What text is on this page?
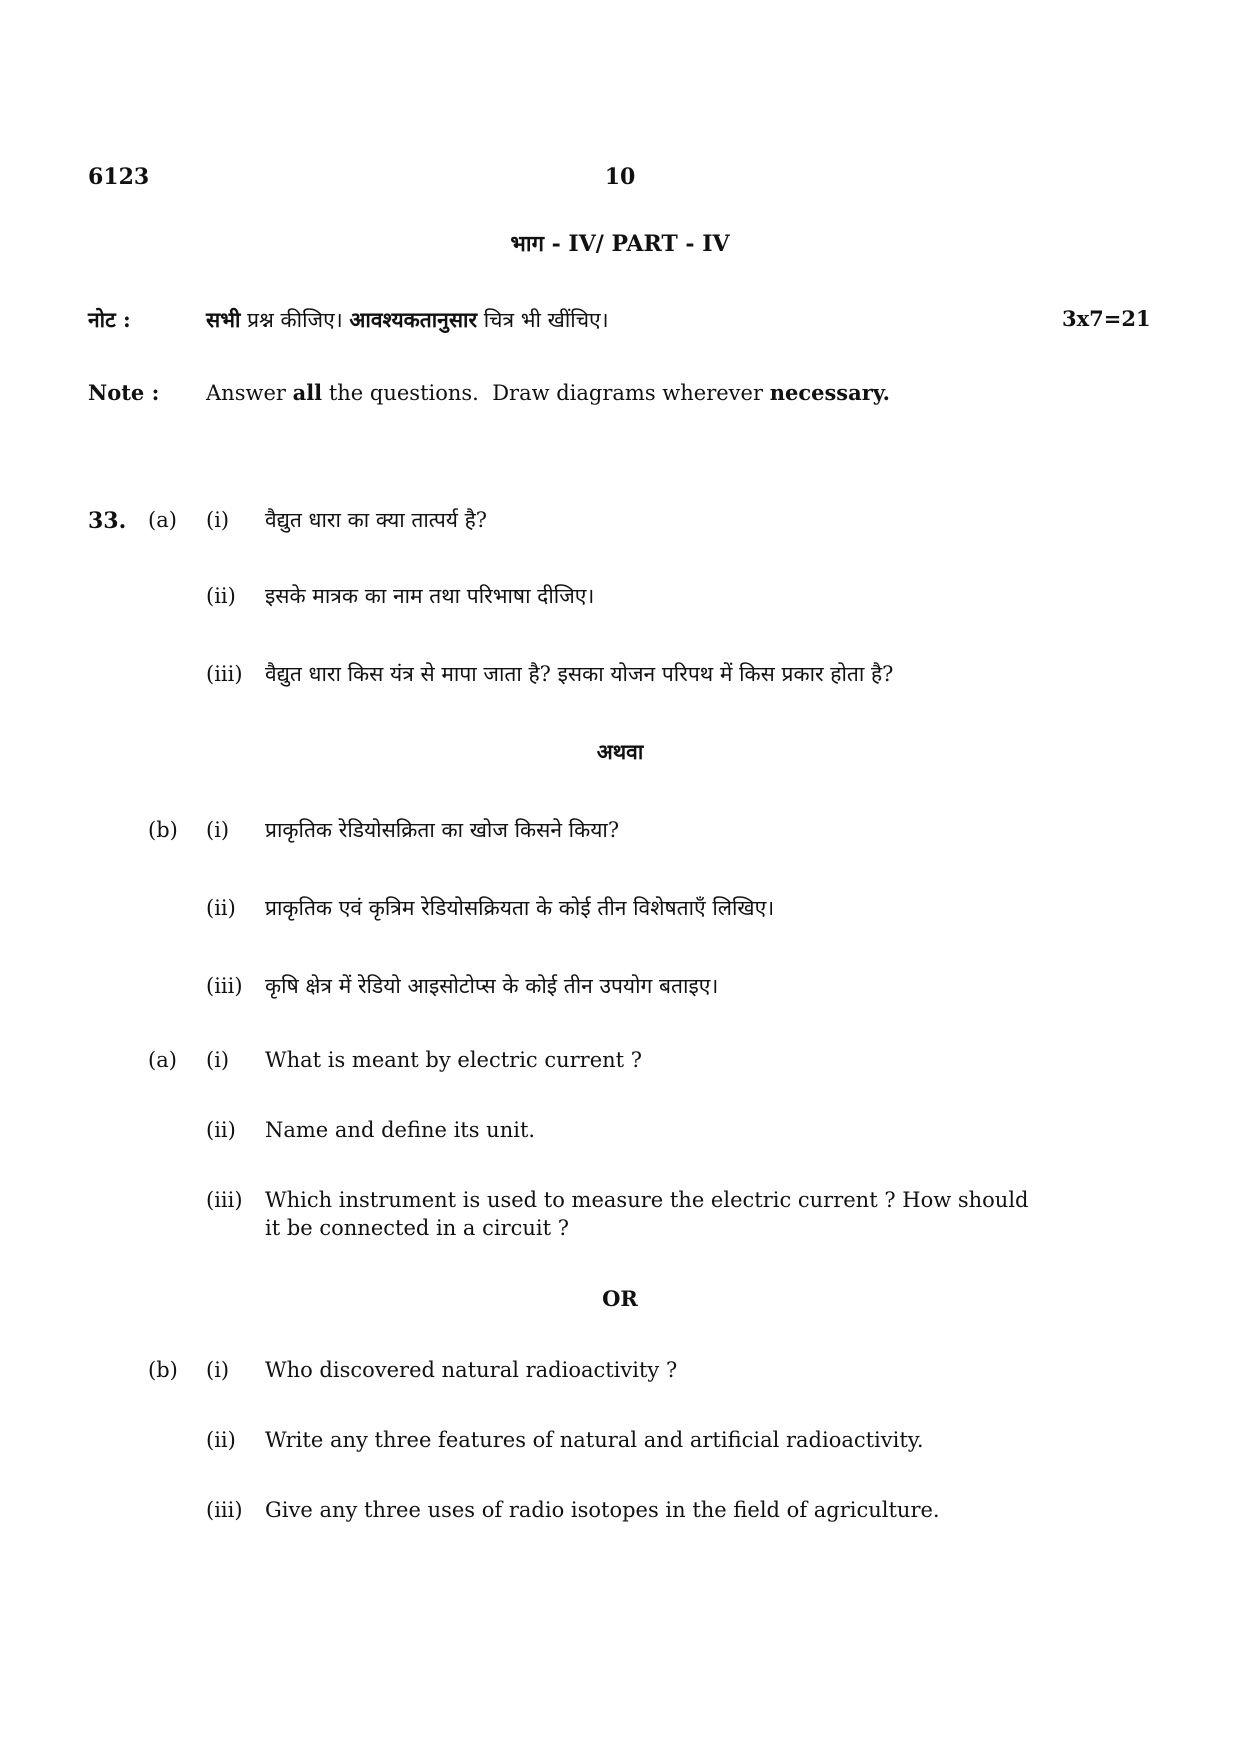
6123	10
भाग - IV/ PART - IV
नोट :	सभी प्रश्न कीजिए। आवश्यकतानुसार चित्र भी खींचिए।	3x7=21
Note : Answer all the questions.  Draw diagrams wherever necessary.
33. (a) (i) वैद्युत धारा का क्या तात्पर्य है?
(ii) इसके मात्रक का नाम तथा परिभाषा दीजिए।
(iii) वैद्युत धारा किस यंत्र से मापा जाता है? इसका योजन परिपथ में किस प्रकार होता है?
अथवा
(b) (i) प्राकृतिक रेडियोसक्रिता का खोज किसने किया?
(ii) प्राकृतिक एवं कृत्रिम रेडियोसक्रियता के कोई तीन विशेषताएँ लिखिए।
(iii) कृषि क्षेत्र में रेडियो आइसोटोप्स के कोई तीन उपयोग बताइए।
(a) (i) What is meant by electric current ?
(ii) Name and define its unit.
(iii) Which instrument is used to measure the electric current ? How should
it be connected in a circuit ?
OR
(b) (i) Who discovered natural radioactivity ?
(ii) Write any three features of natural and artificial radioactivity.
(iii) Give any three uses of radio isotopes in the field of agriculture.
